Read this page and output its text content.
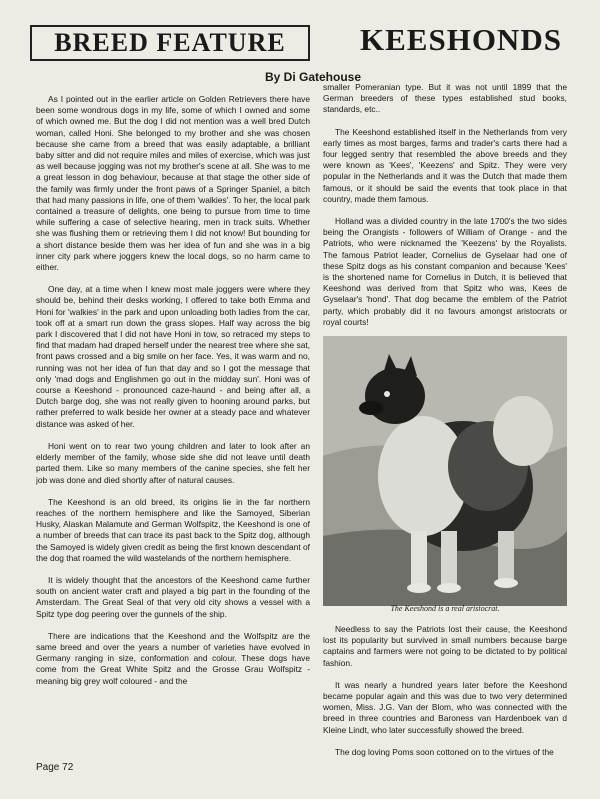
BREED FEATURE	KEESHONDS
By Di Gatehouse

As I pointed out in the earlier article on Golden Retrievers there have been some wondrous dogs in my life, some of which I owned and some of which owned me. But the dog I did not mention was a well bred Dutch woman, called Honi. She belonged to my brother and she was chosen because she came from a breed that was easily adaptable, a brilliant baby sitter and did not require miles and miles of exercise, which was just as well because jogging was not my brother's scene at all. She was to me a great lesson in dog behaviour, because at that stage the other side of the family was firmly under the front paws of a Springer Spaniel, a bitch that had many passions in life, one of them 'walkies'. To her, the local park contained a treasure of delights, one being to pursue from time to time while suffering a case of selective hearing, men in track suits. Whether she was flushing them or retrieving them I did not know! But bounding for a short distance beside them was her idea of fun and she was in a big inner city park where joggers knew the local dogs, so no harm came to either.

One day, at a time when I knew most male joggers were where they should be, behind their desks working, I offered to take both Emma and Honi for 'walkies' in the park and upon unloading both ladies from the car, took off at a smart run down the grass slopes. Half way across the big park I discovered that I did not have Honi in tow, so retraced my steps to find that madam had draped herself under the nearest tree where she sat, front paws crossed and a big smile on her face. Yes, it was warm and no, running was not her idea of fun that day and so I got the message that only 'mad dogs and Englishmen go out in the midday sun'. Honi was of course a Keeshond - pronounced caze-haund - and being after all, a Dutch barge dog, she was not really given to hooning around parks, but rather preferred to walk beside her owner at a steady pace and whatever distance was asked of her.

Honi went on to rear two young children and later to look after an elderly member of the family, whose side she did not leave until death parted them. Like so many members of the canine species, she felt her job was done and died shortly after of natural causes.

The Keeshond is an old breed, its origins lie in the far northern reaches of the northern hemisphere and like the Samoyed, Siberian Husky, Alaskan Malamute and German Wolfspitz, the Keeshond is one of a number of breeds that can trace its past back to the Spitz dog, although the Samoyed is widely given credit as being the first known descendant of the dog that roamed the wild wastelands of the northern hemisphere.

It is widely thought that the ancestors of the Keeshond came further south on ancient water craft and played a big part in the founding of the Amsterdam. The Great Seal of that very old city shows a vessel with a Spitz type dog peering over the gunnels of the ship.

There are indications that the Keeshond and the Wolfspitz are the same breed and over the years a number of varieties have evolved in Germany ranging in size, conformation and colour. These dogs have come from the Great White Spitz and the Grosse Grau Wolfspitz - meaning big grey wolf coloured - and the

smaller Pomeranian type. But it was not until 1899 that the German breeders of these types established stud books, standards, etc..

The Keeshond established itself in the Netherlands from very early times as most barges, farms and trader's carts there had a four legged sentry that resembled the above breeds and they were known as 'Kees', 'Keezens' and Spitz. They were very popular in the Netherlands and it was the Dutch that made them famous, or it should be said the events that took place in that country, made them famous.

Holland was a divided country in the late 1700's the two sides being the Orangists - followers of William of Orange - and the Patriots, who were nicknamed the 'Keezens' by the Royalists. The famous Patriot leader, Cornelius de Gyselaar had one of these Spitz dogs as his constant companion and because 'Kees' is the shortened name for Cornelius in Dutch, it is believed that Keeshond was derived from that Spitz who was, Kees de Gyselaar's 'hond'. That dog became the emblem of the Patriot party, which probably did it no favours amongst aristocrats or royal courts!

The Keeshond is a real aristocrat.

Needless to say the Patriots lost their cause, the Keeshond lost its popularity but survived in small numbers because barge captains and farmers were not going to be dictated to by political fashion.

It was nearly a hundred years later before the Keeshond became popular again and this was due to two very determined women, Miss. J.G. Van der Blom, who was connected with the breed in three countries and Baroness van Hardenboek van d Kleine Lindt, who later successfully showed the breed.

The dog loving Poms soon cottoned on to the virtues of the

Page 72
